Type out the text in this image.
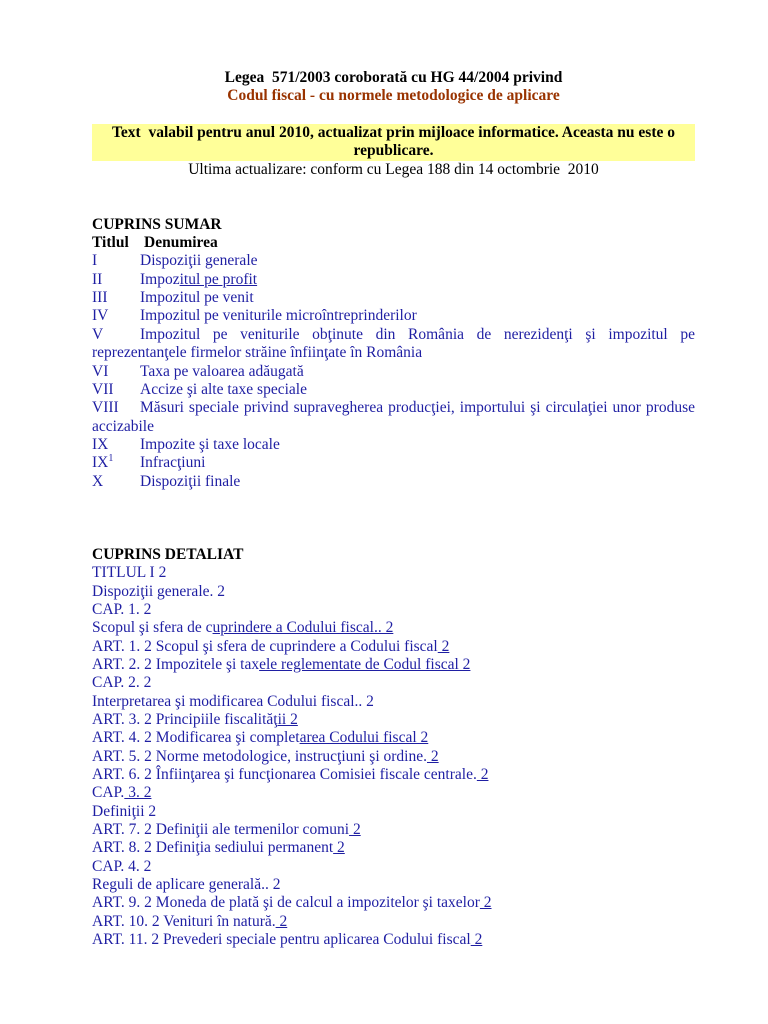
Legea  571/2003 coroborată cu HG 44/2004 privind

Codul fiscal - cu normele metodologice de aplicare

Text  valabil pentru anul 2010, actualizat prin mijloace informatice. Aceasta nu este o republicare.

Ultima actualizare: conform cu Legea 188 din 14 octombrie  2010

CUPRINS SUMAR

Titlul Denumirea

I	Dispoziţii generale

II Impozitul pe profit

III Impozitul pe venit

IV Impozitul pe veniturile microîntreprinderilor

V Impozitul pe veniturile obţinute din România de nerezidenţi şi impozitul pe reprezentanţele firmelor străine înfiinţate în România

VI Taxa pe valoarea adăugată

VII Accize şi alte taxe speciale

VIII Măsuri speciale privind supravegherea producţiei, importului şi circulaţiei unor produse accizabile

IX Impozite şi taxe locale

$IX^1$ Infracţiuni

X Dispoziţii finale

CUPRINS DETALIAT

TITLUL I 2

Dispoziţii generale. 2

CAP. 1. 2

Scopul şi sfera de cuprindere a Codului fiscal.. 2

ART. 1. 2 Scopul şi sfera de cuprindere a Codului fiscal 2

ART. 2. 2 Impozitele şi taxele reglementate de Codul fiscal 2

CAP. 2. 2

Interpretarea şi modificarea Codului fiscal.. 2

ART. 3. 2 Principiile fiscalităţii 2

ART. 4. 2 Modificarea şi completarea Codului fiscal 2

ART. 5. 2 Norme metodologice, instrucţiuni şi ordine. 2

ART. 6. 2 Înfiinţarea şi funcţionarea Comisiei fiscale centrale. 2

CAP. 3. 2

Definiţii 2

ART. 7. 2 Definiţii ale termenilor comuni 2

ART. 8. 2 Definiţia sediului permanent 2

CAP. 4. 2

Reguli de aplicare generală.. 2

ART. 9. 2 Moneda de plată şi de calcul a impozitelor şi taxelor 2

ART. 10. 2 Venituri în natură. 2

ART. 11. 2 Prevederi speciale pentru aplicarea Codului fiscal 2
